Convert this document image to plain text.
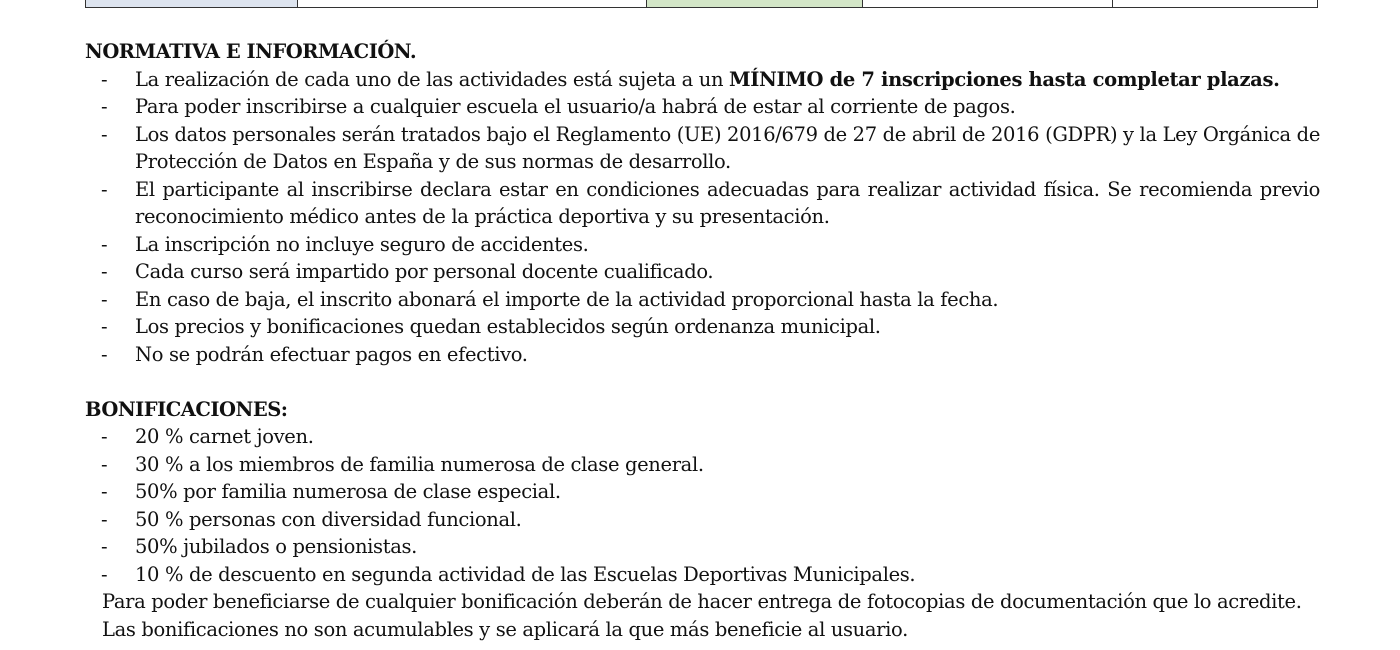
NORMATIVA E INFORMACIÓN.

- La realización de cada uno de las actividades está sujeta a un MÍNIMO de 7 inscripciones hasta completar plazas.
- Para poder inscribirse a cualquier escuela el usuario/a habrá de estar al corriente de pagos.
- Los datos personales serán tratados bajo el Reglamento (UE) 2016/679 de 27 de abril de 2016 (GDPR) y la Ley Orgánica de Protección de Datos en España y de sus normas de desarrollo.
- El participante al inscribirse declara estar en condiciones adecuadas para realizar actividad física. Se recomienda previo reconocimiento médico antes de la práctica deportiva y su presentación.
- La inscripción no incluye seguro de accidentes.
- Cada curso será impartido por personal docente cualificado.
- En caso de baja, el inscrito abonará el importe de la actividad proporcional hasta la fecha.
- Los precios y bonificaciones quedan establecidos según ordenanza municipal.
- No se podrán efectuar pagos en efectivo.

BONIFICACIONES:

- 20 % carnet joven.
- 30 % a los miembros de familia numerosa de clase general.
- 50% por familia numerosa de clase especial.
- 50 % personas con diversidad funcional.
- 50% jubilados o pensionistas.
- 10 % de descuento en segunda actividad de las Escuelas Deportivas Municipales.

Para poder beneficiarse de cualquier bonificación deberán de hacer entrega de fotocopias de documentación que lo acredite. Las bonificaciones no son acumulables y se aplicará la que más beneficie al usuario.
